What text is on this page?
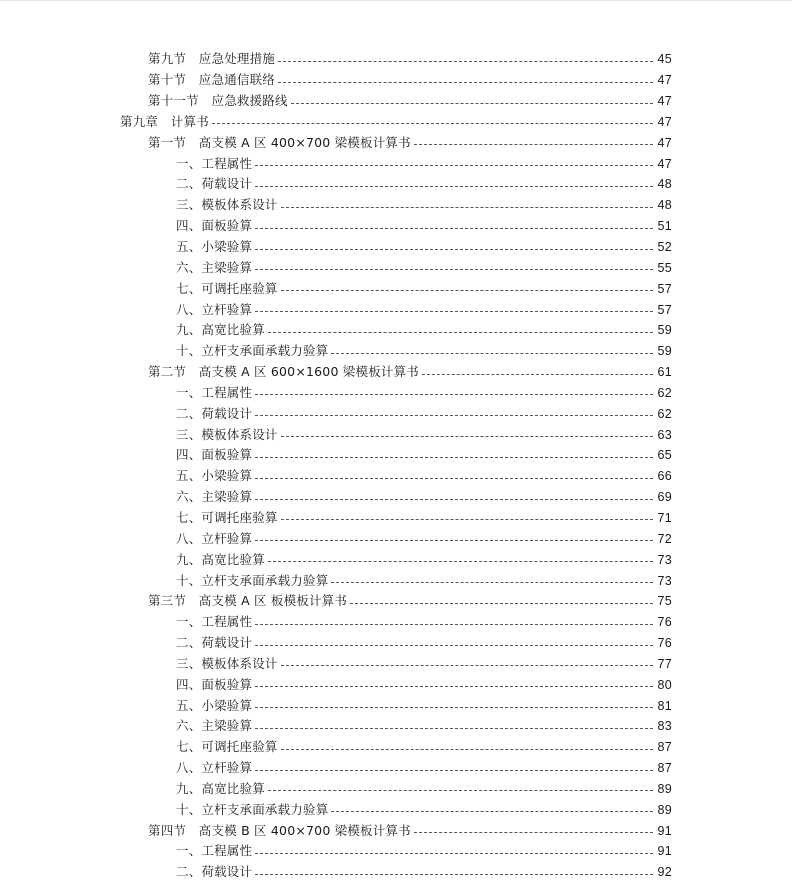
第九节　应急处理措施	45
第十节　应急通信联络	47
第十一节　应急救援路线	47
第九章　计算书	47
第一节　高支模 A 区 400×700 梁模板计算书	47
一、工程属性	47
二、荷载设计	48
三、模板体系设计	48
四、面板验算	51
五、小梁验算	52
六、主梁验算	55
七、可调托座验算	57
八、立杆验算	57
九、高宽比验算	59
十、立杆支承面承载力验算	59
第二节　高支模 A 区 600×1600 梁模板计算书	61
一、工程属性	62
二、荷载设计	62
三、模板体系设计	63
四、面板验算	65
五、小梁验算	66
六、主梁验算	69
七、可调托座验算	71
八、立杆验算	72
九、高宽比验算	73
十、立杆支承面承载力验算	73
第三节　高支模 A 区 板模板计算书	75
一、工程属性	76
二、荷载设计	76
三、模板体系设计	77
四、面板验算	80
五、小梁验算	81
六、主梁验算	83
七、可调托座验算	87
八、立杆验算	87
九、高宽比验算	89
十、立杆支承面承载力验算	89
第四节　高支模 B 区 400×700 梁模板计算书	91
一、工程属性	91
二、荷载设计	92
